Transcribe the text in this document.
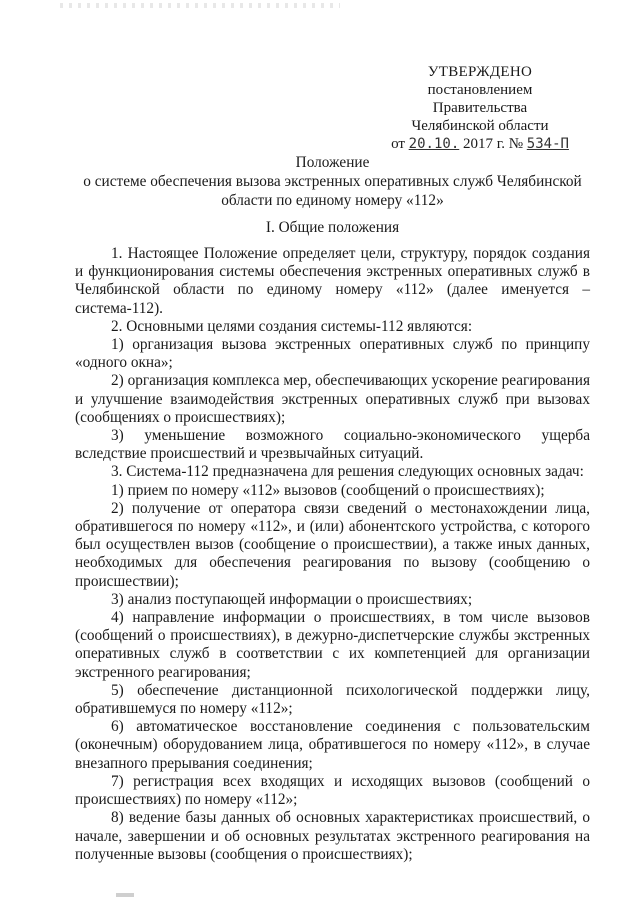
УТВЕРЖДЕНО
постановлением Правительства
Челябинской области
от 20.10. 2017 г. № 534-П
Положение
о системе обеспечения вызова экстренных оперативных служб Челябинской
области по единому номеру «112»
I. Общие положения

1. Настоящее Положение определяет цели, структуру, порядок создания и функционирования системы обеспечения экстренных оперативных служб в Челябинской области по единому номеру «112» (далее именуется – система-112).

2. Основными целями создания системы-112 являются:

1) организация вызова экстренных оперативных служб по принципу «одного окна»;

2) организация комплекса мер, обеспечивающих ускорение реагирования и улучшение взаимодействия экстренных оперативных служб при вызовах (сообщениях о происшествиях);

3) уменьшение возможного социально-экономического ущерба вследствие происшествий и чрезвычайных ситуаций.

3. Система-112 предназначена для решения следующих основных задач:

1) прием по номеру «112» вызовов (сообщений о происшествиях);

2) получение от оператора связи сведений о местонахождении лица, обратившегося по номеру «112», и (или) абонентского устройства, с которого был осуществлен вызов (сообщение о происшествии), а также иных данных, необходимых для обеспечения реагирования по вызову (сообщению о происшествии);

3) анализ поступающей информации о происшествиях;

4) направление информации о происшествиях, в том числе вызовов (сообщений о происшествиях), в дежурно-диспетчерские службы экстренных оперативных служб в соответствии с их компетенцией для организации экстренного реагирования;

5) обеспечение дистанционной психологической поддержки лицу, обратившемуся по номеру «112»;

6) автоматическое восстановление соединения с пользовательским (оконечным) оборудованием лица, обратившегося по номеру «112», в случае внезапного прерывания соединения;

7) регистрация всех входящих и исходящих вызовов (сообщений о происшествиях) по номеру «112»;

8) ведение базы данных об основных характеристиках происшествий, о начале, завершении и об основных результатах экстренного реагирования на полученные вызовы (сообщения о происшествиях);
